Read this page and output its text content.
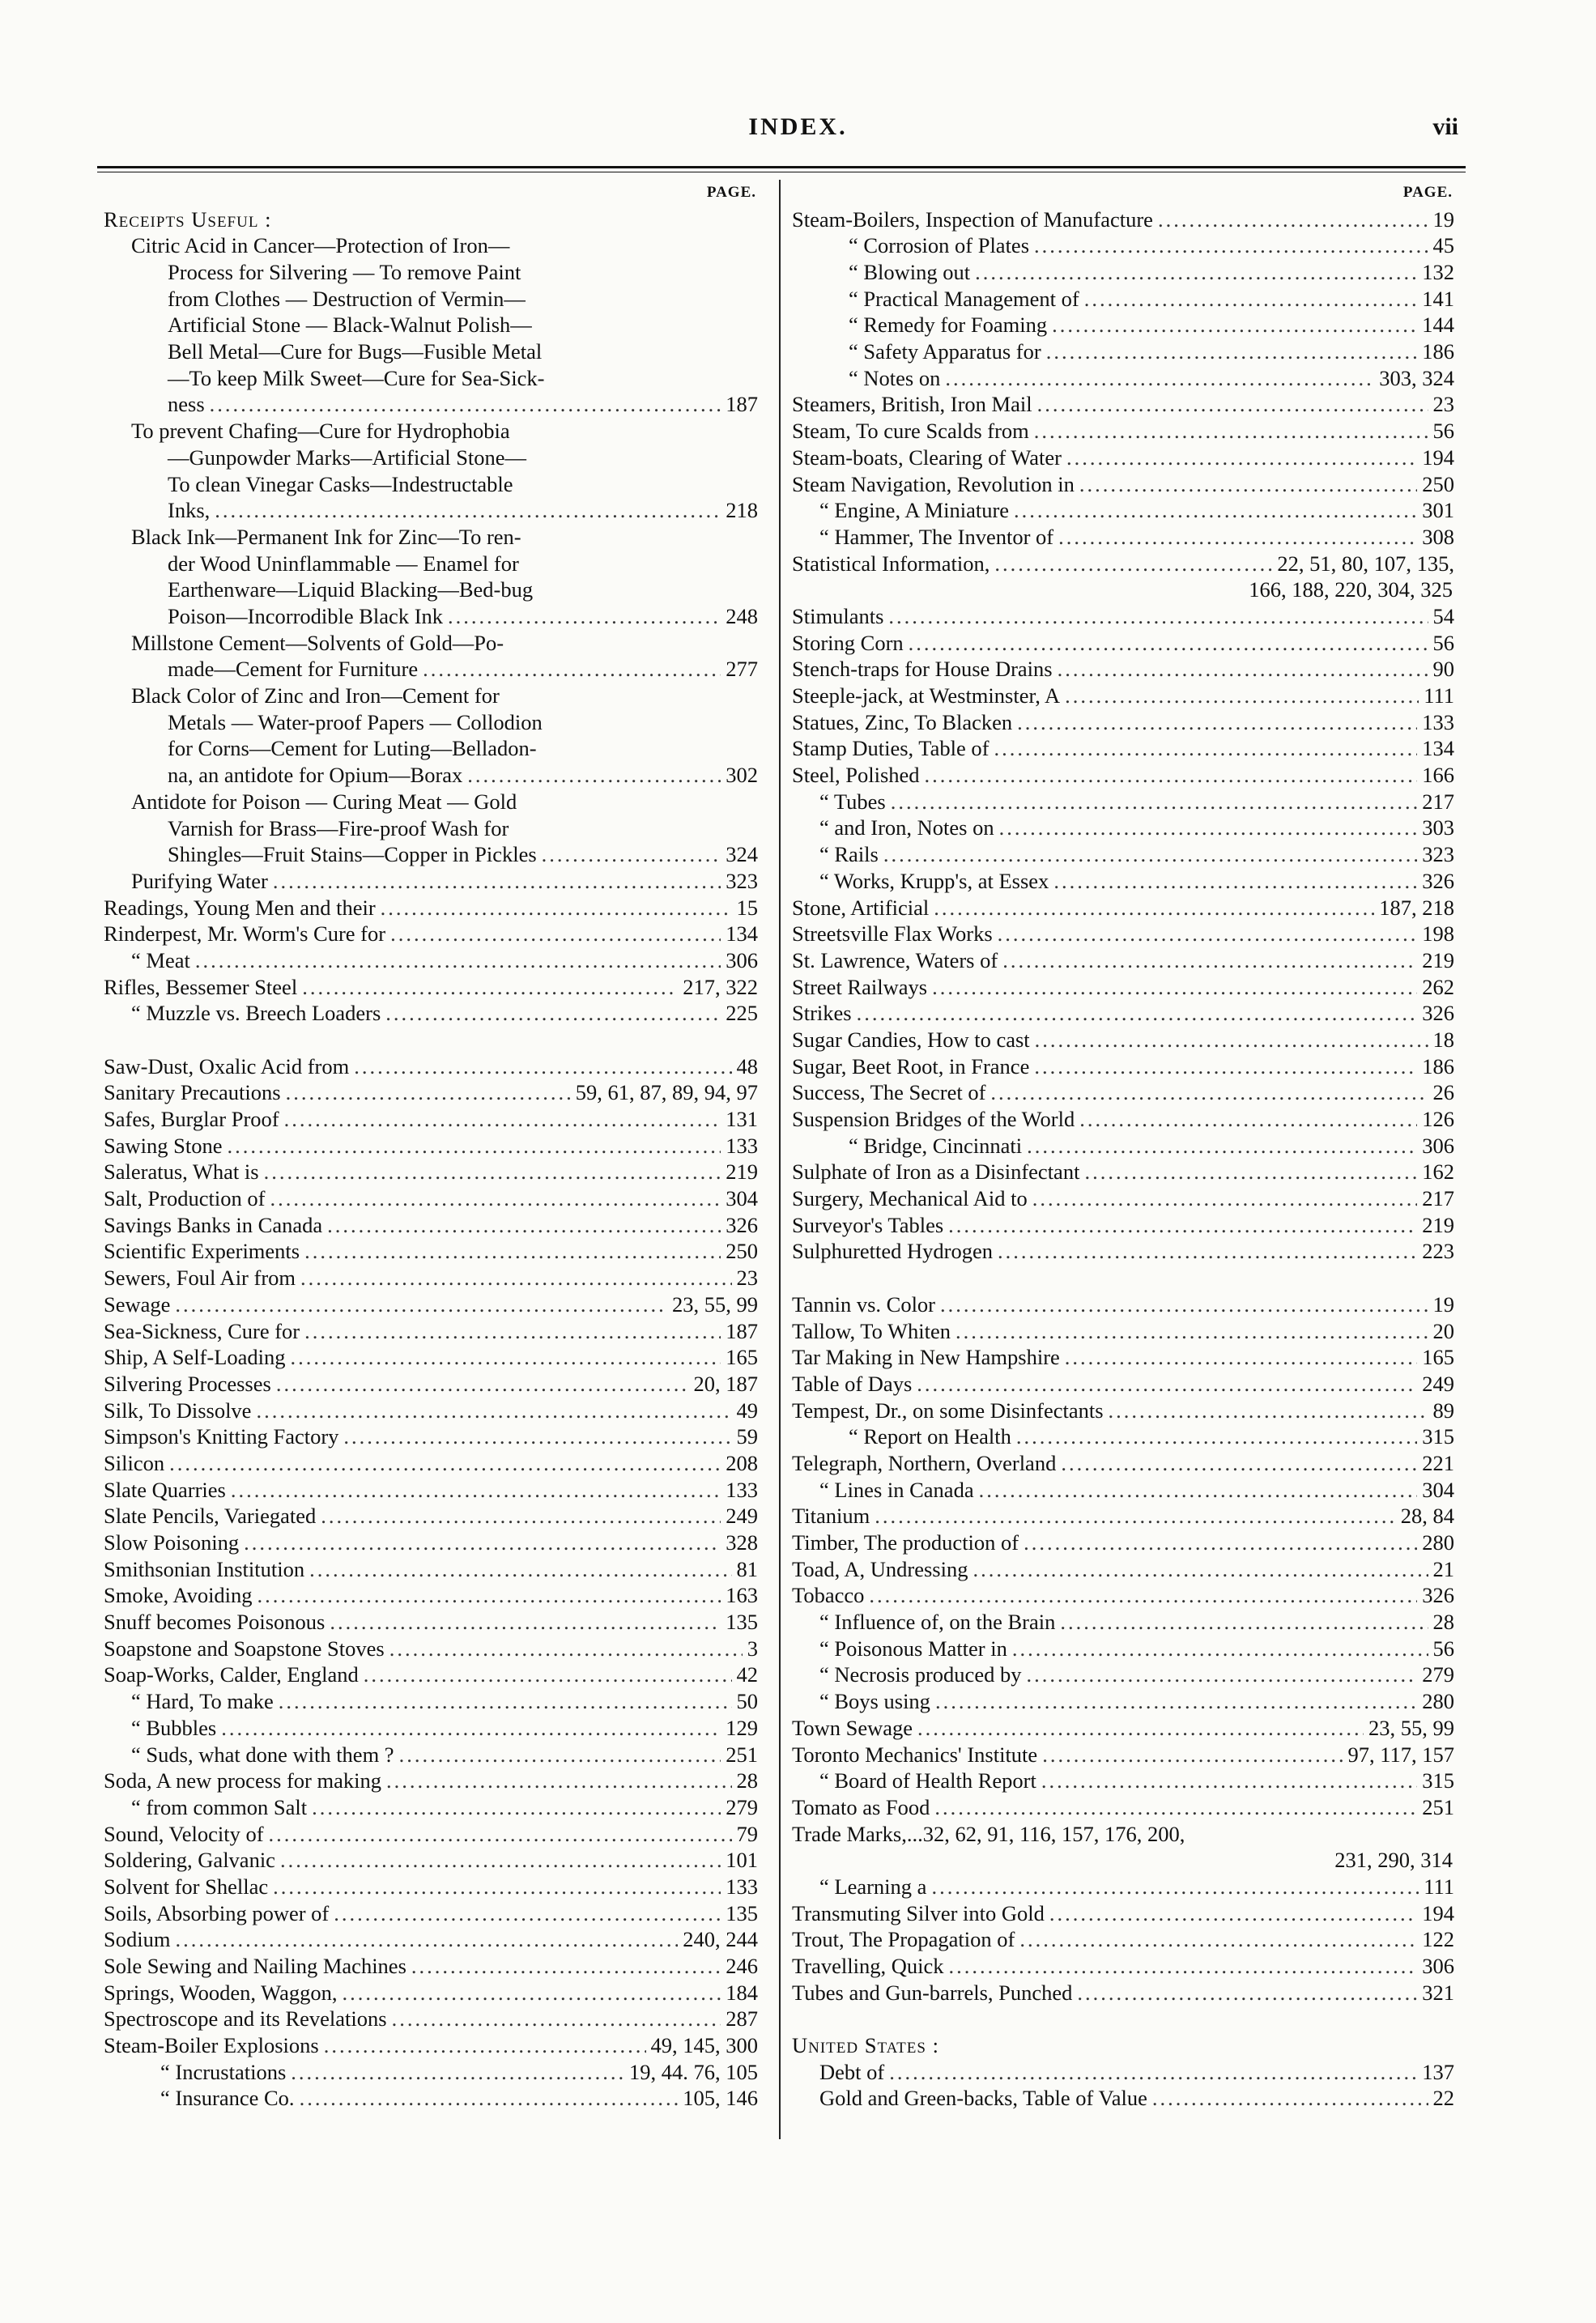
INDEX.	vii
PAGE.
Receipts Useful :
Citric Acid in Cancer—Protection of Iron—
Process for Silvering — To remove Paint
from Clothes — Destruction of Vermin—
Artificial Stone — Black-Walnut Polish—
Bell Metal—Cure for Bugs—Fusible Metal
—To keep Milk Sweet—Cure for Sea-Sick-
ness .....	187
To prevent Chafing—Cure for Hydrophobia
—Gunpowder Marks—Artificial Stone—
To clean Vinegar Casks—Indestructable
Inks, .....	218
Black Ink—Permanent Ink for Zinc—To ren-
der Wood Uninflammable — Enamel for
Earthenware—Liquid Blacking—Bed-bug
Poison—Incorrodible Black Ink .....	248
Millstone Cement—Solvents of Gold—Po-
made—Cement for Furniture .....	277
Black Color of Zinc and Iron—Cement for
Metals — Water-proof Papers — Collodion
for Corns—Cement for Luting—Belladon-
na, an antidote for Opium—Borax .....	302
Antidote for Poison — Curing Meat — Gold
Varnish for Brass—Fire-proof Wash for
Shingles—Fruit Stains—Copper in Pickles .....	324
Purifying Water .....	323
Readings, Young Men and their .....	15
Rinderpest, Mr. Worm's Cure for .....	134
“ Meat .....	306
Rifles, Bessemer Steel .....	217, 322
“ Muzzle vs. Breech Loaders .....	225
Saw-Dust, Oxalic Acid from .....	48
Sanitary Precautions .....	59, 61, 87, 89, 94, 97
Safes, Burglar Proof .....	131
Sawing Stone .....	133
Saleratus, What is .....	219
Salt, Production of .....	304
Savings Banks in Canada .....	326
Scientific Experiments .....	250
Sewers, Foul Air from .....	23
Sewage .....	23, 55, 99
Sea-Sickness, Cure for .....	187
Ship, A Self-Loading .....	165
Silvering Processes .....	20, 187
Silk, To Dissolve .....	49
Simpson's Knitting Factory .....	59
Silicon .....	208
Slate Quarries .....	133
Slate Pencils, Variegated .....	249
Slow Poisoning .....	328
Smithsonian Institution .....	81
Smoke, Avoiding .....	163
Snuff becomes Poisonous .....	135
Soapstone and Soapstone Stoves .....	3
Soap-Works, Calder, England .....	42
“ Hard, To make .....	50
“ Bubbles .....	129
“ Suds, what done with them ? .....	251
Soda, A new process for making .....	28
“ from common Salt .....	279
Sound, Velocity of .....	79
Soldering, Galvanic .....	101
Solvent for Shellac .....	133
Soils, Absorbing power of .....	135
Sodium .....	240, 244
Sole Sewing and Nailing Machines .....	246
Springs, Wooden, Waggon, .....	184
Spectroscope and its Revelations .....	287
Steam-Boiler Explosions .....	49, 145, 300
“ Incrustations .....	19, 44. 76, 105
“ Insurance Co. .....	105, 146
PAGE.
Steam-Boilers, Inspection of Manufacture .....	19
“ Corrosion of Plates .....	45
“ Blowing out .....	132
“ Practical Management of .....	141
“ Remedy for Foaming .....	144
“ Safety Apparatus for .....	186
“ Notes on .....	303, 324
Steamers, British, Iron Mail .....	23
Steam, To cure Scalds from .....	56
Steam-boats, Clearing of Water .....	194
Steam Navigation, Revolution in .....	250
“ Engine, A Miniature .....	301
“ Hammer, The Inventor of .....	308
Statistical Information, .....	22, 51, 80, 107, 135,
166, 188, 220, 304, 325
Stimulants .....	54
Storing Corn .....	56
Stench-traps for House Drains .....	90
Steeple-jack, at Westminster, A .....	111
Statues, Zinc, To Blacken .....	133
Stamp Duties, Table of .....	134
Steel, Polished .....	166
“ Tubes .....	217
“ and Iron, Notes on .....	303
“ Rails .....	323
“ Works, Krupp's, at Essex .....	326
Stone, Artificial .....	187, 218
Streetsville Flax Works .....	198
St. Lawrence, Waters of .....	219
Street Railways .....	262
Strikes .....	326
Sugar Candies, How to cast .....	18
Sugar, Beet Root, in France .....	186
Success, The Secret of .....	26
Suspension Bridges of the World .....	126
“ Bridge, Cincinnati .....	306
Sulphate of Iron as a Disinfectant .....	162
Surgery, Mechanical Aid to .....	217
Surveyor's Tables .....	219
Sulphuretted Hydrogen .....	223
Tannin vs. Color .....	19
Tallow, To Whiten .....	20
Tar Making in New Hampshire .....	165
Table of Days .....	249
Tempest, Dr., on some Disinfectants .....	89
“ Report on Health .....	315
Telegraph, Northern, Overland .....	221
“ Lines in Canada .....	304
Titanium .....	28, 84
Timber, The production of .....	280
Toad, A, Undressing .....	21
Tobacco .....	326
“ Influence of, on the Brain .....	28
“ Poisonous Matter in .....	56
“ Necrosis produced by .....	279
“ Boys using .....	280
Town Sewage .....	23, 55, 99
Toronto Mechanics' Institute .....	97, 117, 157
“ Board of Health Report .....	315
Tomato as Food .....	251
Trade Marks,... 32, 62, 91, 116, 157, 176, 200,
231, 290, 314
“ Learning a .....	111
Transmuting Silver into Gold .....	194
Trout, The Propagation of .....	122
Travelling, Quick .....	306
Tubes and Gun-barrels, Punched .....	321
United States :
Debt of .....	137
Gold and Green-backs, Table of Value .....	22
